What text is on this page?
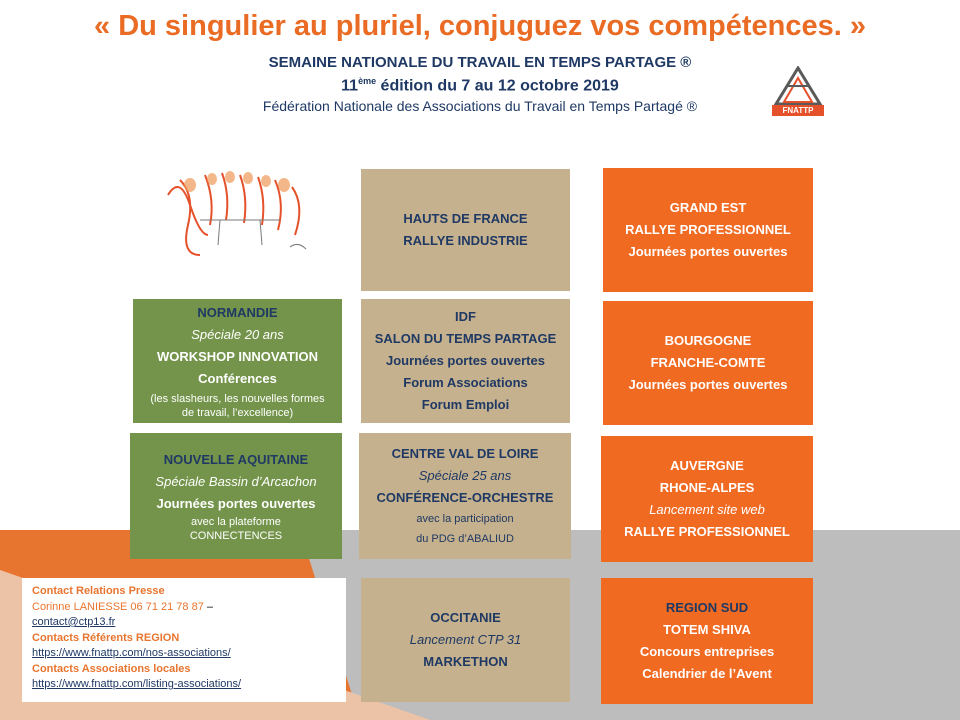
« Du singulier au pluriel, conjuguez vos compétences. »
SEMAINE NATIONALE DU TRAVAIL EN TEMPS PARTAGE ®
11ème édition du 7 au 12 octobre 2019
Fédération Nationale des Associations du Travail en Temps Partagé ®	FNATTP
HAUTS DE FRANCE
RALLYE INDUSTRIE
GRAND EST
RALLYE PROFESSIONNEL
Journées portes ouvertes
NORMANDIE
Spéciale 20 ans
WORKSHOP INNOVATION
Conférences
(les slasheurs, les nouvelles formes de travail, l’excellence)
IDF
SALON DU TEMPS PARTAGE
Journées portes ouvertes
Forum Associations
Forum Emploi
BOURGOGNE
FRANCHE-COMTE
Journées portes ouvertes
NOUVELLE AQUITAINE
Spéciale Bassin d’Arcachon
Journées portes ouvertes
avec la plateforme
CONNECTENCES
CENTRE VAL DE LOIRE
Spéciale 25 ans
CONFÉRENCE-ORCHESTRE
avec la participation
du PDG d’ABALIUD
AUVERGNE
RHONE-ALPES
Lancement site web
RALLYE PROFESSIONNEL
OCCITANIE
Lancement CTP 31
MARKETHON
REGION SUD
TOTEM SHIVA
Concours entreprises
Calendrier de l’Avent
Contact Relations Presse
Corinne LANIESSE 06 71 21 78 87 –
contact@ctp13.fr
Contacts Référents REGION
https://www.fnattp.com/nos-associations/
Contacts Associations locales
https://www.fnattp.com/listing-associations/
